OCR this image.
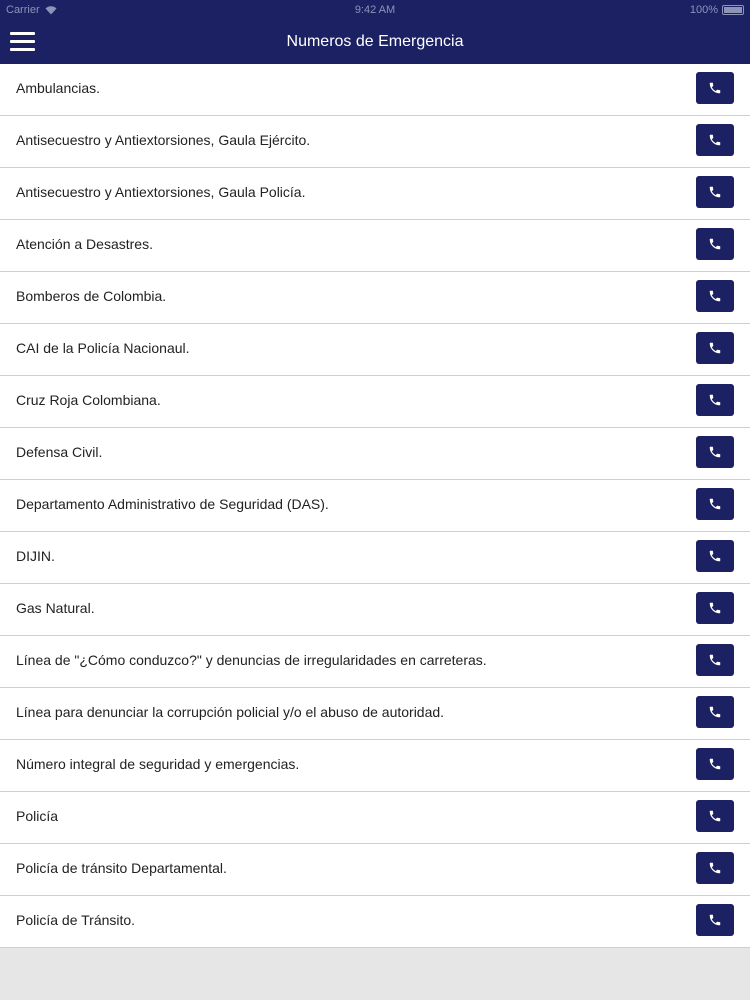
Carrier	9:42 AM	100%
Numeros de Emergencia
Ambulancias.
Antisecuestro y Antiextorsiones, Gaula Ejército.
Antisecuestro y Antiextorsiones, Gaula Policía.
Atención a Desastres.
Bomberos de Colombia.
CAI de la Policía Nacionaul.
Cruz Roja Colombiana.
Defensa Civil.
Departamento Administrativo de Seguridad (DAS).
DIJIN.
Gas Natural.
Línea de "¿Cómo conduzco?" y denuncias de irregularidades en carreteras.
Línea para denunciar la corrupción policial y/o el abuso de autoridad.
Número integral de seguridad y emergencias.
Policía
Policía de tránsito Departamental.
Policía de Tránsito.
